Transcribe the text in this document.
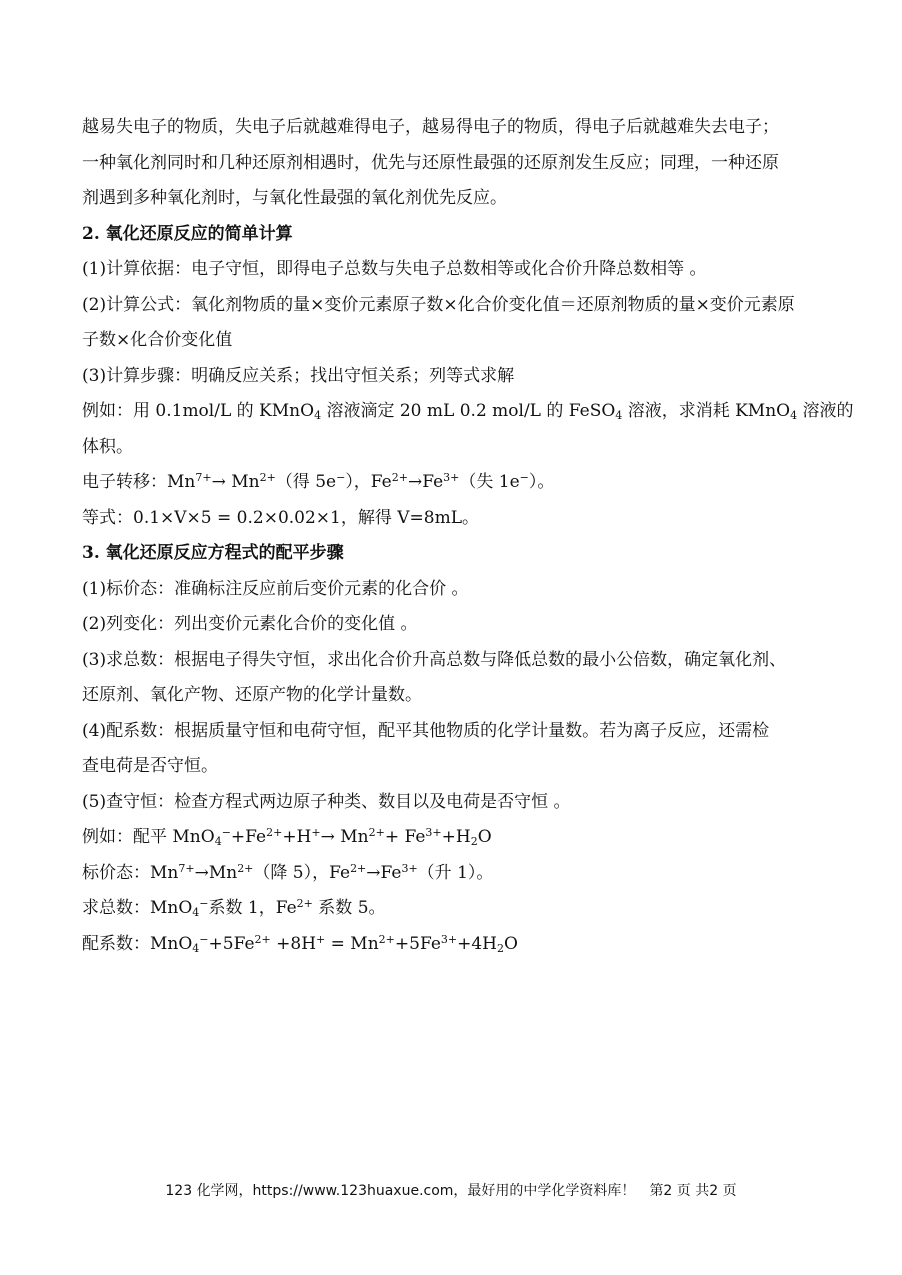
越易失电子的物质，失电子后就越难得电子，越易得电子的物质，得电子后就越难失去电子；
一种氧化剂同时和几种还原剂相遇时，优先与还原性最强的还原剂发生反应；同理，一种还原
剂遇到多种氧化剂时，与氧化性最强的氧化剂优先反应。
2. 氧化还原反应的简单计算
(1)计算依据：电子守恒，即得电子总数与失电子总数相等或化合价升降总数相等 。
(2)计算公式：氧化剂物质的量×变价元素原子数×化合价变化值＝还原剂物质的量×变价元素原
子数×化合价变化值
(3)计算步骤：明确反应关系；找出守恒关系；列等式求解
例如：用 0.1mol/L 的 KMnO$_4$ 溶液滴定 20 mL 0.2 mol/L 的 FeSO$_4$ 溶液，求消耗 KMnO$_4$ 溶液的
体积。
电子转移：$Mn^{7+}\to Mn^{2+}$（得 5e−），$Fe^{2+}\to Fe^{3+}$（失 1e−）。
等式：0.1×V×5 = 0.2×0.02×1，解得 V=8mL。
3. 氧化还原反应方程式的配平步骤
(1)标价态：准确标注反应前后变价元素的化合价 。
(2)列变化：列出变价元素化合价的变化值 。
(3)求总数：根据电子得失守恒，求出化合价升高总数与降低总数的最小公倍数，确定氧化剂、
还原剂、氧化产物、还原产物的化学计量数。
(4)配系数：根据质量守恒和电荷守恒，配平其他物质的化学计量数。若为离子反应，还需检
查电荷是否守恒。
(5)查守恒：检查方程式两边原子种类、数目以及电荷是否守恒 。
例如：配平 $MnO_4^-+Fe^{2+}+H^+\to Mn^{2+}+ Fe^{3+}+H_2O$
标价态：$Mn^{7+}\to Mn^{2+}$（降 5），$Fe^{2+}\to Fe^{3+}$（升 1）。
求总数：MnO$_4$−系数 1，$Fe^{2+}$ 系数 5。
配系数：$MnO_4^-+5Fe^{2+} +8H^+ = Mn^{2+}+5Fe^{3+}+4H_2O$
123 化学网，https://www.123huaxue.com，最好用的中学化学资料库！ 第2 页 共2 页
